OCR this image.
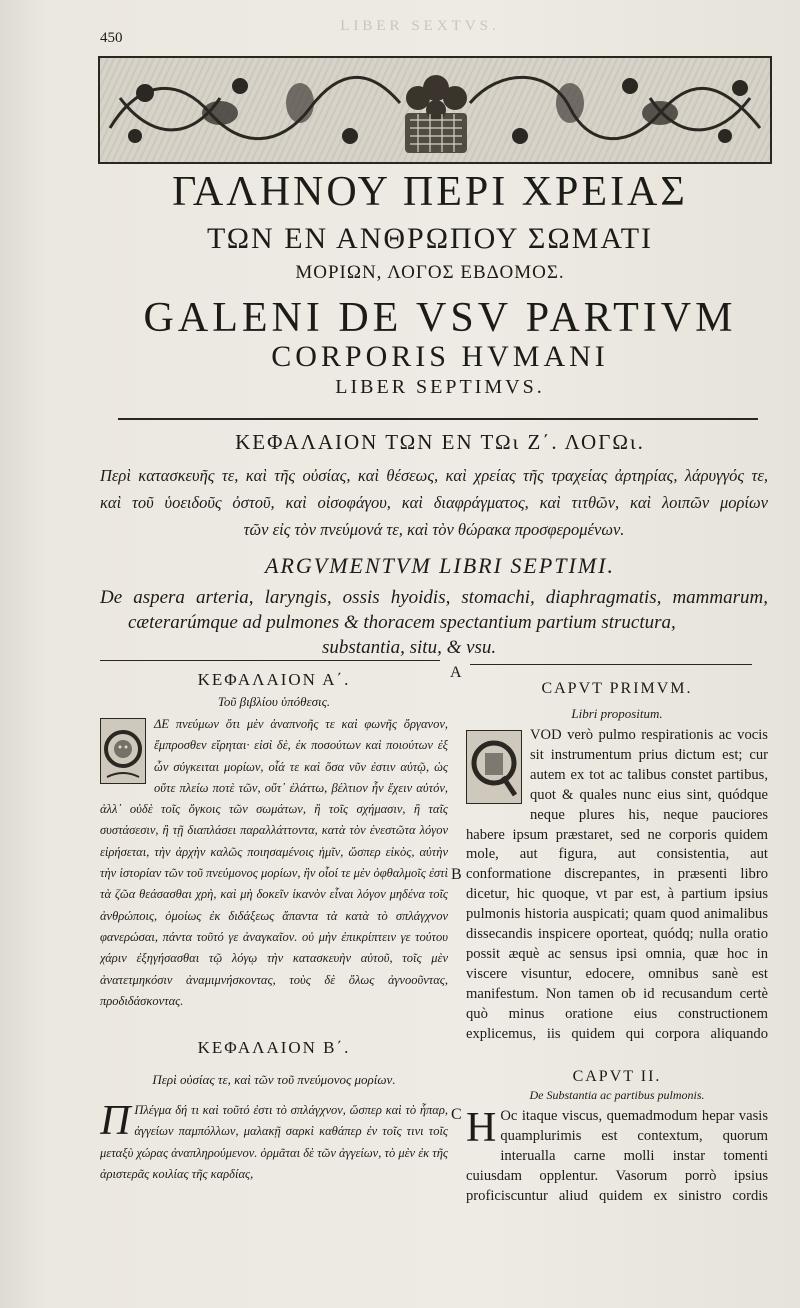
LIBER SEXTVS.
450
ΓΑΛΗΝΟΥ ΠΕΡΙ ΧΡΕΙΑΣ
ΤΩΝ ΕΝ ΑΝΘΡΩΠΟΥ ΣΩΜΑΤΙ
ΜΟΡΙΩΝ, ΛΟΓΟΣ ΕΒΔΟΜΟΣ.
GALENI DE VSV PARTIVM
CORPORIS HVMANI
LIBER SEPTIMVS.
ΚΕΦΑΛΑΙΟΝ ΤΩΝ ΕΝ ΤΩι Ζ΄. ΛΟΓΩι.
Περὶ κατασκευῆς τε, καὶ τῆς οὐσίας, καὶ θέσεως, καὶ χρείας τῆς τραχείας ἀρτηρίας, λάρυγγός τε,
καὶ τοῦ ὑοειδοῦς ὀστοῦ, καὶ οἰσοφάγου, καὶ διαφράγματος, καὶ τιτθῶν, καὶ λοιπῶν μορίων
τῶν εἰς τὸν πνεύμονά τε, καὶ τὸν θώρακα προσφερομένων.
ARGVMENTVM LIBRI SEPTIMI.
De aspera arteria, laryngis, ossis hyoidis, stomachi, diaphragmatis, mammarum,
cæterarúmque ad pulmones & thoracem spectantium partium structura,
substantia, situ, & vsu.
A
B
C
ΚΕΦΑΛΑΙΟΝ Α΄.
Τοῦ βιβλίου ὑπόθεσις.

ΔΕ πνεύμων ὅτι μὲν ἀναπνοῆς τε καὶ φωνῆς ὄργανον, ἔμπροσθεν εἴρηται· εἰσὶ δὲ, ἐκ ποσούτων καὶ ποιούτων ἐξ ὧν σύγκειται μορίων, οἷά τε καὶ ὅσα νῦν ἐστιν αὐτῷ, ὡς οὔτε πλείω ποτὲ τῶν, οὔτ᾽ ἐλάττω, βέλτιον ἦν ἔχειν αὐτόν, ἀλλ᾽ οὐδὲ τοῖς ὄγκοις τῶν σωμάτων, ἢ τοῖς σχήμασιν, ἢ ταῖς συστάσεσιν, ἢ τῇ διαπλάσει παραλλάττοντα, κατὰ τὸν ἐνεστῶτα λόγον εἰρήσεται, τὴν ἀρχὴν καλῶς ποιησαμένοις ἡμῖν, ὥσπερ εἰκὸς, αὐτὴν τὴν ἱστορίαν τῶν τοῦ πνεύμονος μορίων, ἣν οἷοί τε μὲν ὀφθαλμοῖς ἐστὶ τὰ ζῶα θεάσασθαι χρὴ, καὶ μὴ δοκεῖν ἱκανὸν εἶναι λόγον μηδένα τοῖς ἀνθρώποις, ὁμοίως ἐκ διδάξεως ἅπαντα τὰ κατὰ τὸ σπλάγχνον φανερώσαι, πάντα τοῦτό γε ἀναγκαῖον. οὐ μὴν ἐπικρίπτειν γε τούτου χάριν ἐξηγήσασθαι τῷ λόγῳ τὴν κατασκευὴν αὐτοῦ, τοῖς μὲν ἀνατετμηκόσιν ἀναμιμνήσκοντας, τοὺς δὲ ὅλως ἀγνοοῦντας, προδιδάσκοντας.

ΚΕΦΑΛΑΙΟΝ Β΄.
Περὶ οὐσίας τε, καὶ τῶν τοῦ πνεύμονος μορίων.
Π Πλέγμα δή τι καὶ τοῦτό ἐστι τὸ σπλάγχνον, ὥσπερ καὶ τὸ ἧπαρ, ἀγγείων παμπόλλων, μαλακῇ σαρκὶ καθάπερ ἐν τοῖς τινι τοῖς μεταξὺ χώρας ἀναπληρούμενον. ὁρμᾶται δὲ τῶν ἀγγείων, τὸ μὲν ἐκ τῆς ἀριστερᾶς κοιλίας τῆς καρδίας,

CAPVT PRIMVM.
Libri propositum.

VOD verò pulmo respirationis ac vocis sit instrumentum prius dictum est; cur autem ex tot ac talibus constet partibus, quot & quales nunc eius sint, quódque neque plures his, neque pauciores habere ipsum præstaret, sed ne corporis quidem mole, aut figura, aut consistentia, aut conformatione discrepantes, in præsenti libro dicetur, hic quoque, vt par est, à partium ipsius pulmonis historia auspicati; quam quod animalibus dissecandis inspicere oporteat, quódq; nulla oratio possit æquè ac sensus ipsi omnia, quæ hoc in viscere visuntur, edocere, omnibus sanè est manifestum. Non tamen ob id recusandum certè quò minus oratione eius constructionem explicemus, iis quidem qui corpora aliquando

CAPVT II.
De Substantia ac partibus pulmonis.
H Oc itaque viscus, quemadmodum hepar vasis quamplurimis est contextum, quorum interualla carne molli instar tomenti cuiusdam opplentur. Vasorum porrò ipsius proficiscuntur aliud quidem ex sinistro cordis
